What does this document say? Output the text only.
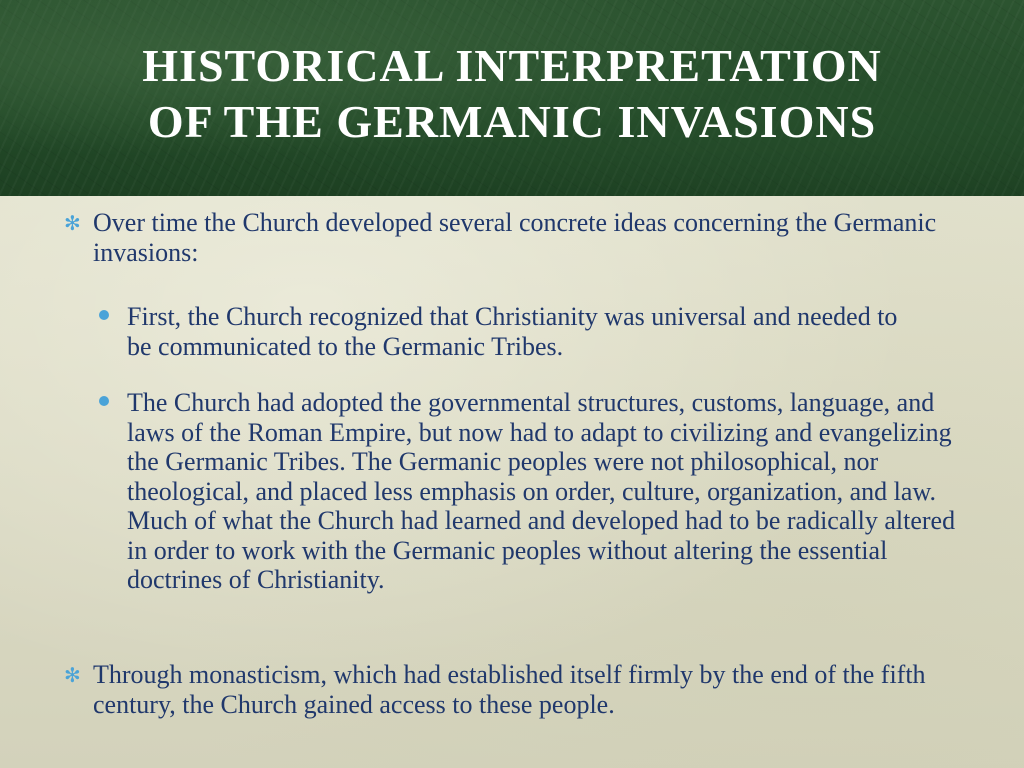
HISTORICAL INTERPRETATION
OF THE GERMANIC INVASIONS
✻ Over time the Church developed several concrete ideas concerning the Germanic invasions:
First, the Church recognized that Christianity was universal and needed to be communicated to the Germanic Tribes.
The Church had adopted the governmental structures, customs, language, and laws of the Roman Empire, but now had to adapt to civilizing and evangelizing the Germanic Tribes. The Germanic peoples were not philosophical, nor theological, and placed less emphasis on order, culture, organization, and law. Much of what the Church had learned and developed had to be radically altered in order to work with the Germanic peoples without altering the essential doctrines of Christianity.
✻ Through monasticism, which had established itself firmly by the end of the fifth century, the Church gained access to these people.
